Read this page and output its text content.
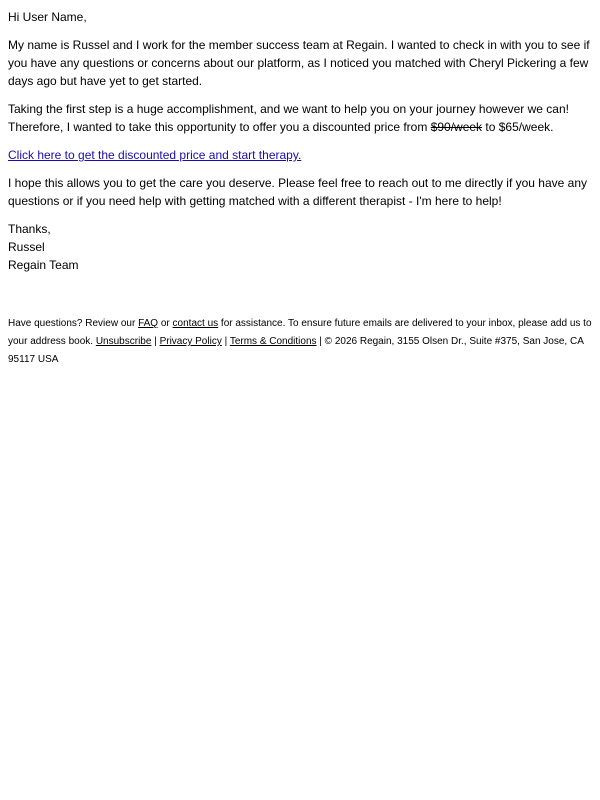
Hi User Name,

My name is Russel and I work for the member success team at Regain. I wanted to check in with you to see if you have any questions or concerns about our platform, as I noticed you matched with Cheryl Pickering a few days ago but have yet to get started.

Taking the first step is a huge accomplishment, and we want to help you on your journey however we can! Therefore, I wanted to take this opportunity to offer you a discounted price from $90/week to $65/week.

Click here to get the discounted price and start therapy.

I hope this allows you to get the care you deserve. Please feel free to reach out to me directly if you have any questions or if you need help with getting matched with a different therapist - I'm here to help!

Thanks,
Russel
Regain Team
Have questions? Review our FAQ or contact us for assistance. To ensure future emails are delivered to your inbox, please add us to your address book. Unsubscribe | Privacy Policy | Terms & Conditions | © 2026 Regain, 3155 Olsen Dr., Suite #375, San Jose, CA 95117 USA
